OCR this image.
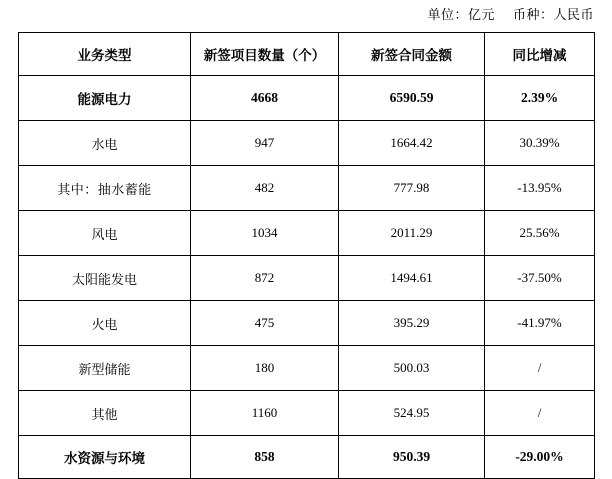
单位：亿元 币种：人民币
业务类型	新签项目数量（个）	新签合同金额	同比增减
能源电力	4668	6590.59	2.39%
水电	947	1664.42	30.39%
其中：抽水蓄能	482	777.98	-13.95%
风电	1034	2011.29	25.56%
太阳能发电	872	1494.61	-37.50%
火电	475	395.29	-41.97%
新型储能	180	500.03	/
其他	1160	524.95	/
水资源与环境	858	950.39	-29.00%
